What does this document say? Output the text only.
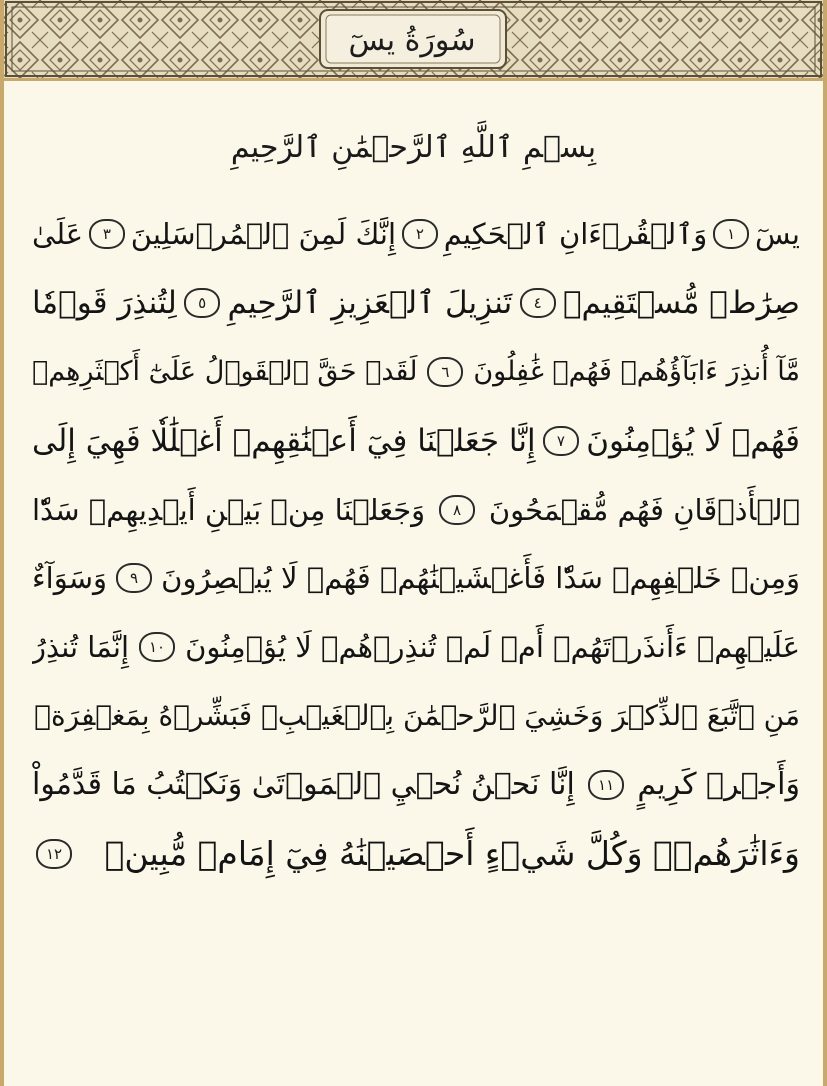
سُورَةُ يسٓ
بِسۡمِ ٱللَّهِ ٱلرَّحۡمَٰنِ ٱلرَّحِيمِ
يسٓ
١
وَٱلۡقُرۡءَانِ ٱلۡحَكِيمِ
٢
إِنَّكَ لَمِنَ ٱلۡمُرۡسَلِينَ
٣
عَلَىٰ
صِرَٰطٖ مُّسۡتَقِيمٖ
٤
تَنزِيلَ ٱلۡعَزِيزِ ٱلرَّحِيمِ
٥
لِتُنذِرَ قَوۡمٗا
مَّآ أُنذِرَ ءَابَآؤُهُمۡ فَهُمۡ غَٰفِلُونَ
٦
لَقَدۡ حَقَّ ٱلۡقَوۡلُ عَلَىٰٓ أَكۡثَرِهِمۡ
فَهُمۡ لَا يُؤۡمِنُونَ
٧
إِنَّا جَعَلۡنَا فِيٓ أَعۡنَٰقِهِمۡ أَغۡلَٰلٗا فَهِيَ إِلَى
ٱلۡأَذۡقَانِ فَهُم مُّقۡمَحُونَ
٨
وَجَعَلۡنَا مِنۢ بَيۡنِ أَيۡدِيهِمۡ سَدّٗا
وَمِنۡ خَلۡفِهِمۡ سَدّٗا فَأَغۡشَيۡنَٰهُمۡ فَهُمۡ لَا يُبۡصِرُونَ
٩
وَسَوَآءٌ
عَلَيۡهِمۡ ءَأَنذَرۡتَهُمۡ أَمۡ لَمۡ تُنذِرۡهُمۡ لَا يُؤۡمِنُونَ
١٠
إِنَّمَا تُنذِرُ
مَنِ ٱتَّبَعَ ٱلذِّكۡرَ وَخَشِيَ ٱلرَّحۡمَٰنَ بِٱلۡغَيۡبِۖ فَبَشِّرۡهُ بِمَغۡفِرَةٖ
وَأَجۡرٖ كَرِيمٍ
١١
إِنَّا نَحۡنُ نُحۡيِ ٱلۡمَوۡتَىٰ وَنَكۡتُبُ مَا قَدَّمُواْ
وَءَاثَٰرَهُمۡۚ وَكُلَّ شَيۡءٍ أَحۡصَيۡنَٰهُ فِيٓ إِمَامٖ مُّبِينٖ
١٢
